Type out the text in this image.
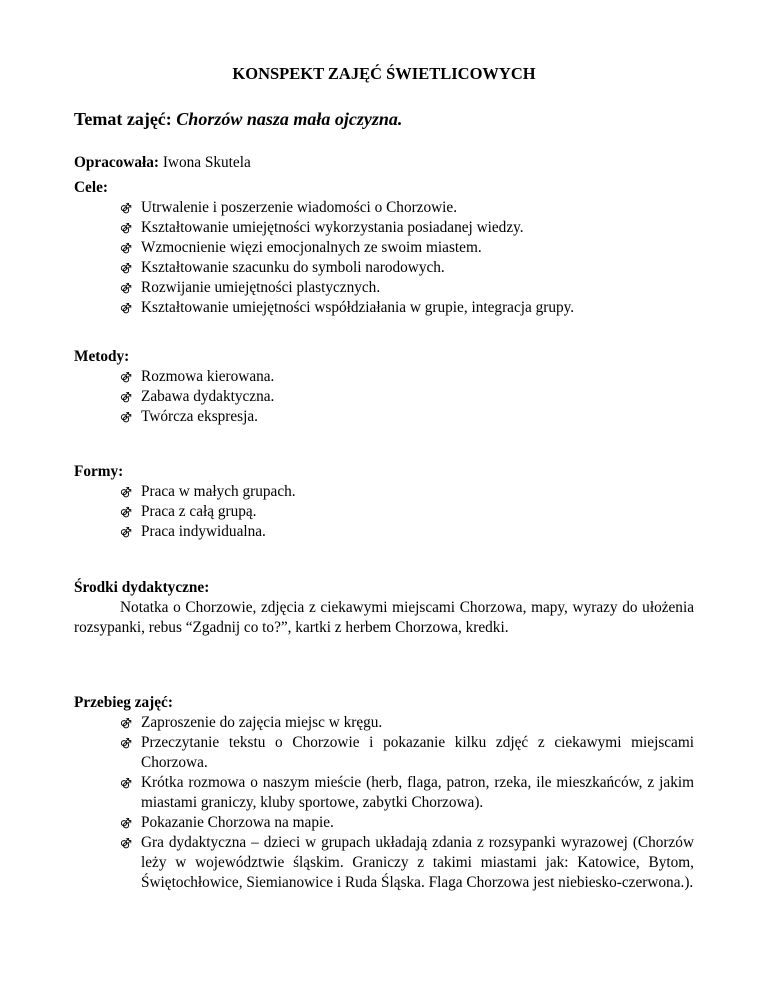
KONSPEKT ZAJĘĆ ŚWIETLICOWYCH
Temat zajęć: Chorzów nasza mała ojczyzna.
Opracowała: Iwona Skutela
Cele:
⚣ Utrwalenie i poszerzenie wiadomości o Chorzowie.
⚣ Kształtowanie umiejętności wykorzystania posiadanej wiedzy.
⚣ Wzmocnienie więzi emocjonalnych ze swoim miastem.
⚣ Kształtowanie szacunku do symboli narodowych.
⚣ Rozwijanie umiejętności plastycznych.
⚣ Kształtowanie umiejętności współdziałania w grupie, integracja grupy.
Metody:
⚣ Rozmowa kierowana.
⚣ Zabawa dydaktyczna.
⚣ Twórcza ekspresja.
Formy:
⚣ Praca w małych grupach.
⚣ Praca z całą grupą.
⚣ Praca indywidualna.
Środki dydaktyczne:
Notatka o Chorzowie, zdjęcia z ciekawymi miejscami Chorzowa, mapy, wyrazy do ułożenia rozsypanki, rebus “Zgadnij co to?”, kartki z herbem Chorzowa, kredki.
Przebieg zajęć:
⚣ Zaproszenie do zajęcia miejsc w kręgu.
⚣ Przeczytanie tekstu o Chorzowie i pokazanie kilku zdjęć z ciekawymi miejscami Chorzowa.
⚣ Krótka rozmowa o naszym mieście (herb, flaga, patron, rzeka, ile mieszkańców, z jakim miastami graniczy, kluby sportowe, zabytki Chorzowa).
⚣ Pokazanie Chorzowa na mapie.
⚣ Gra dydaktyczna – dzieci w grupach układają zdania z rozsypanki wyrazowej (Chorzów leży w województwie śląskim. Graniczy z takimi miastami jak: Katowice, Bytom, Świętochłowice, Siemianowice i Ruda Śląska. Flaga Chorzowa jest niebiesko-czerwona.).
